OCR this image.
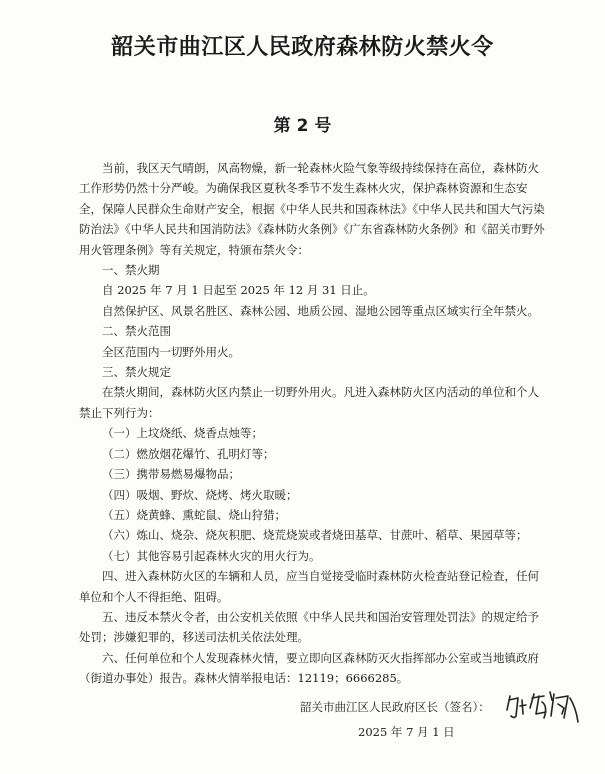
韶关市曲江区人民政府森林防火禁火令
第 2 号

当前，我区天气晴朗，风高物燥，新一轮森林火险气象等级持续保持在高位，森林防火工作形势仍然十分严峻。为确保我区夏秋冬季节不发生森林火灾，保护森林资源和生态安全，保障人民群众生命财产安全，根据《中华人民共和国森林法》《中华人民共和国大气污染防治法》《中华人民共和国消防法》《森林防火条例》《广东省森林防火条例》和《韶关市野外用火管理条例》等有关规定，特颁布禁火令：

一、禁火期

自 2025 年 7 月 1 日起至 2025 年 12 月 31 日止。

自然保护区、风景名胜区、森林公园、地质公园、湿地公园等重点区域实行全年禁火。

二、禁火范围

全区范围内一切野外用火。

三、禁火规定

在禁火期间，森林防火区内禁止一切野外用火。凡进入森林防火区内活动的单位和个人禁止下列行为：

（一）上坟烧纸、烧香点烛等；

（二）燃放烟花爆竹、孔明灯等；

（三）携带易燃易爆物品；

（四）吸烟、野炊、烧烤、烤火取暖；

（五）烧黄蜂、熏蛇鼠、烧山狩猎；

（六）炼山、烧杂、烧灰积肥、烧荒烧炭或者烧田基草、甘蔗叶、稻草、果园草等；

（七）其他容易引起森林火灾的用火行为。

四、进入森林防火区的车辆和人员，应当自觉接受临时森林防火检查站登记检查，任何单位和个人不得拒绝、阻碍。

五、违反本禁火令者，由公安机关依照《中华人民共和国治安管理处罚法》的规定给予处罚；涉嫌犯罪的，移送司法机关依法处理。

六、任何单位和个人发现森林火情，要立即向区森林防灭火指挥部办公室或当地镇政府（街道办事处）报告。森林火情举报电话：12119；6666285。

韶关市曲江区人民政府区长（签名）：
2025 年 7 月 1 日
